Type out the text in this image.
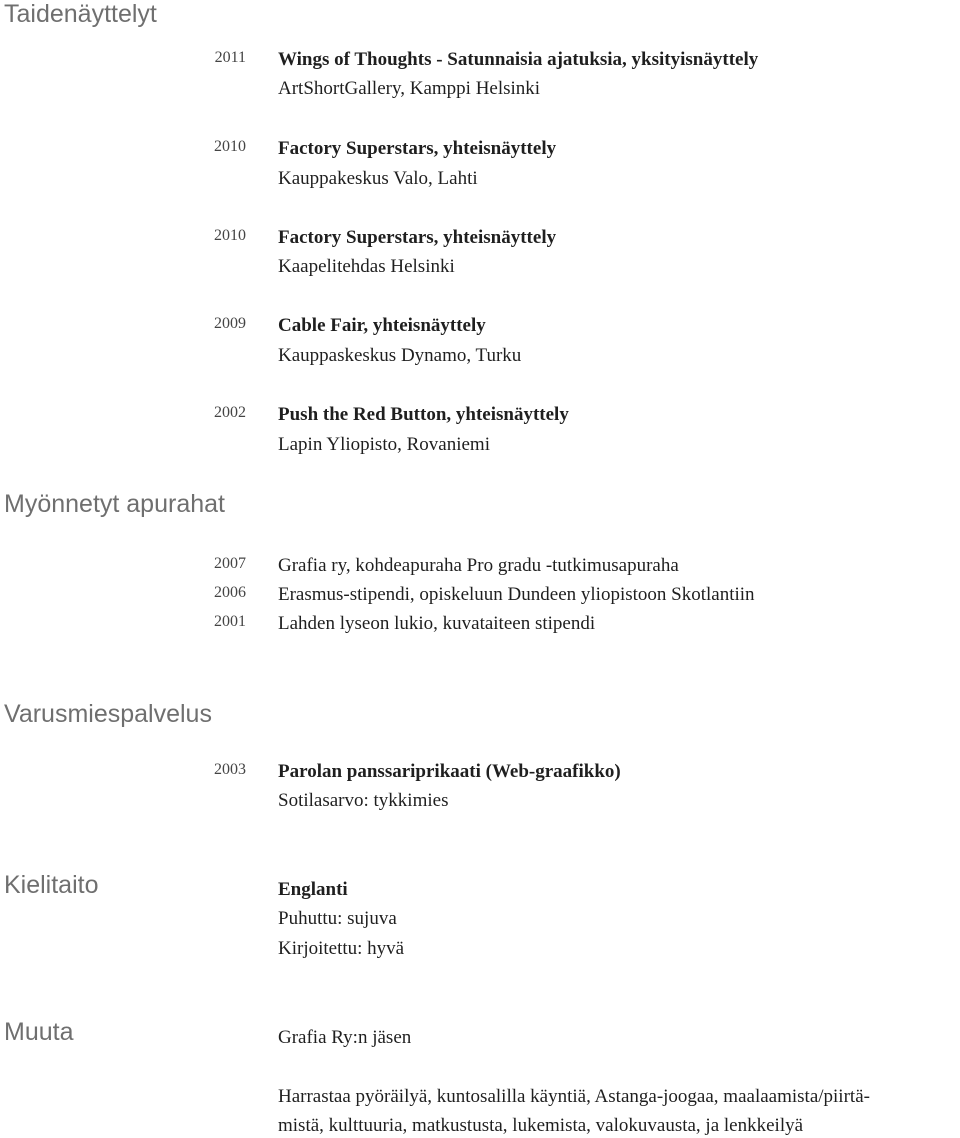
Taidenäyttelyt
2011 Wings of Thoughts - Satunnaisia ajatuksia, yksityisnäyttely
ArtShortGallery, Kamppi Helsinki
2010 Factory Superstars, yhteisnäyttely
Kauppakeskus Valo, Lahti
2010 Factory Superstars, yhteisnäyttely
Kaapelitehdas Helsinki
2009 Cable Fair, yhteisnäyttely
Kauppaskeskus Dynamo, Turku
2002 Push the Red Button, yhteisnäyttely
Lapin Yliopisto, Rovaniemi
Myönnetyt apurahat
2007 Grafia ry, kohdeapuraha Pro gradu -tutkimusapuraha
2006 Erasmus-stipendi, opiskeluun Dundeen yliopistoon Skotlantiin
2001 Lahden lyseon lukio, kuvataiteen stipendi
Varusmiespalvelus
2003 Parolan panssariprikaati (Web-graafikko)
Sotilasarvo: tykkimies
Kielitaito	Englanti
Puhuttu: sujuva
Kirjoitettu: hyvä
Muuta	Grafia Ry:n jäsen
Harrastaa pyöräilyä, kuntosalilla käyntiä, Astanga-joogaa, maalaamista/piirtä-
mistä, kulttuuria, matkustusta, lukemista, valokuvausta, ja lenkkeilyä
